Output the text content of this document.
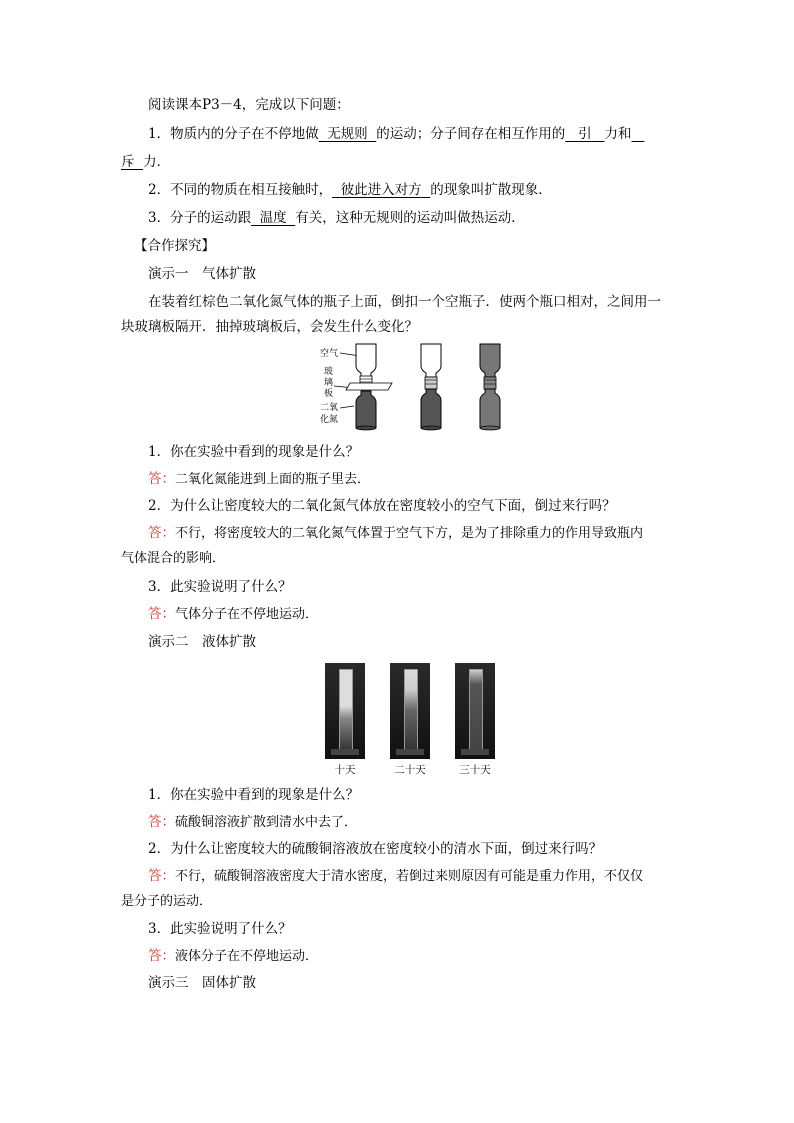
阅读课本P3－4，完成以下问题：
1．物质内的分子在不停地做 无规则 的运动；分子间存在相互作用的 引 力和
斥 力．
2．不同的物质在相互接触时， 彼此进入对方 的现象叫扩散现象．
3．分子的运动跟 温度 有关，这种无规则的运动叫做热运动．
【合作探究】
演示一　气体扩散
在装着红棕色二氧化氮气体的瓶子上面，倒扣一个空瓶子．使两个瓶口相对，之间用一
块玻璃板隔开．抽掉玻璃板后，会发生什么变化？
空气
玻
璃
板
二氧
化氮
1．你在实验中看到的现象是什么？
答：二氧化氮能进到上面的瓶子里去．
2．为什么让密度较大的二氧化氮气体放在密度较小的空气下面，倒过来行吗？
答：不行，将密度较大的二氧化氮气体置于空气下方，是为了排除重力的作用导致瓶内
气体混合的影响．
3．此实验说明了什么？
答：气体分子在不停地运动．
演示二　液体扩散
十天	二十天	三十天
1．你在实验中看到的现象是什么？
答：硫酸铜溶液扩散到清水中去了．
2．为什么让密度较大的硫酸铜溶液放在密度较小的清水下面，倒过来行吗？
答：不行，硫酸铜溶液密度大于清水密度，若倒过来则原因有可能是重力作用，不仅仅
是分子的运动．
3．此实验说明了什么？
答：液体分子在不停地运动．
演示三　固体扩散
